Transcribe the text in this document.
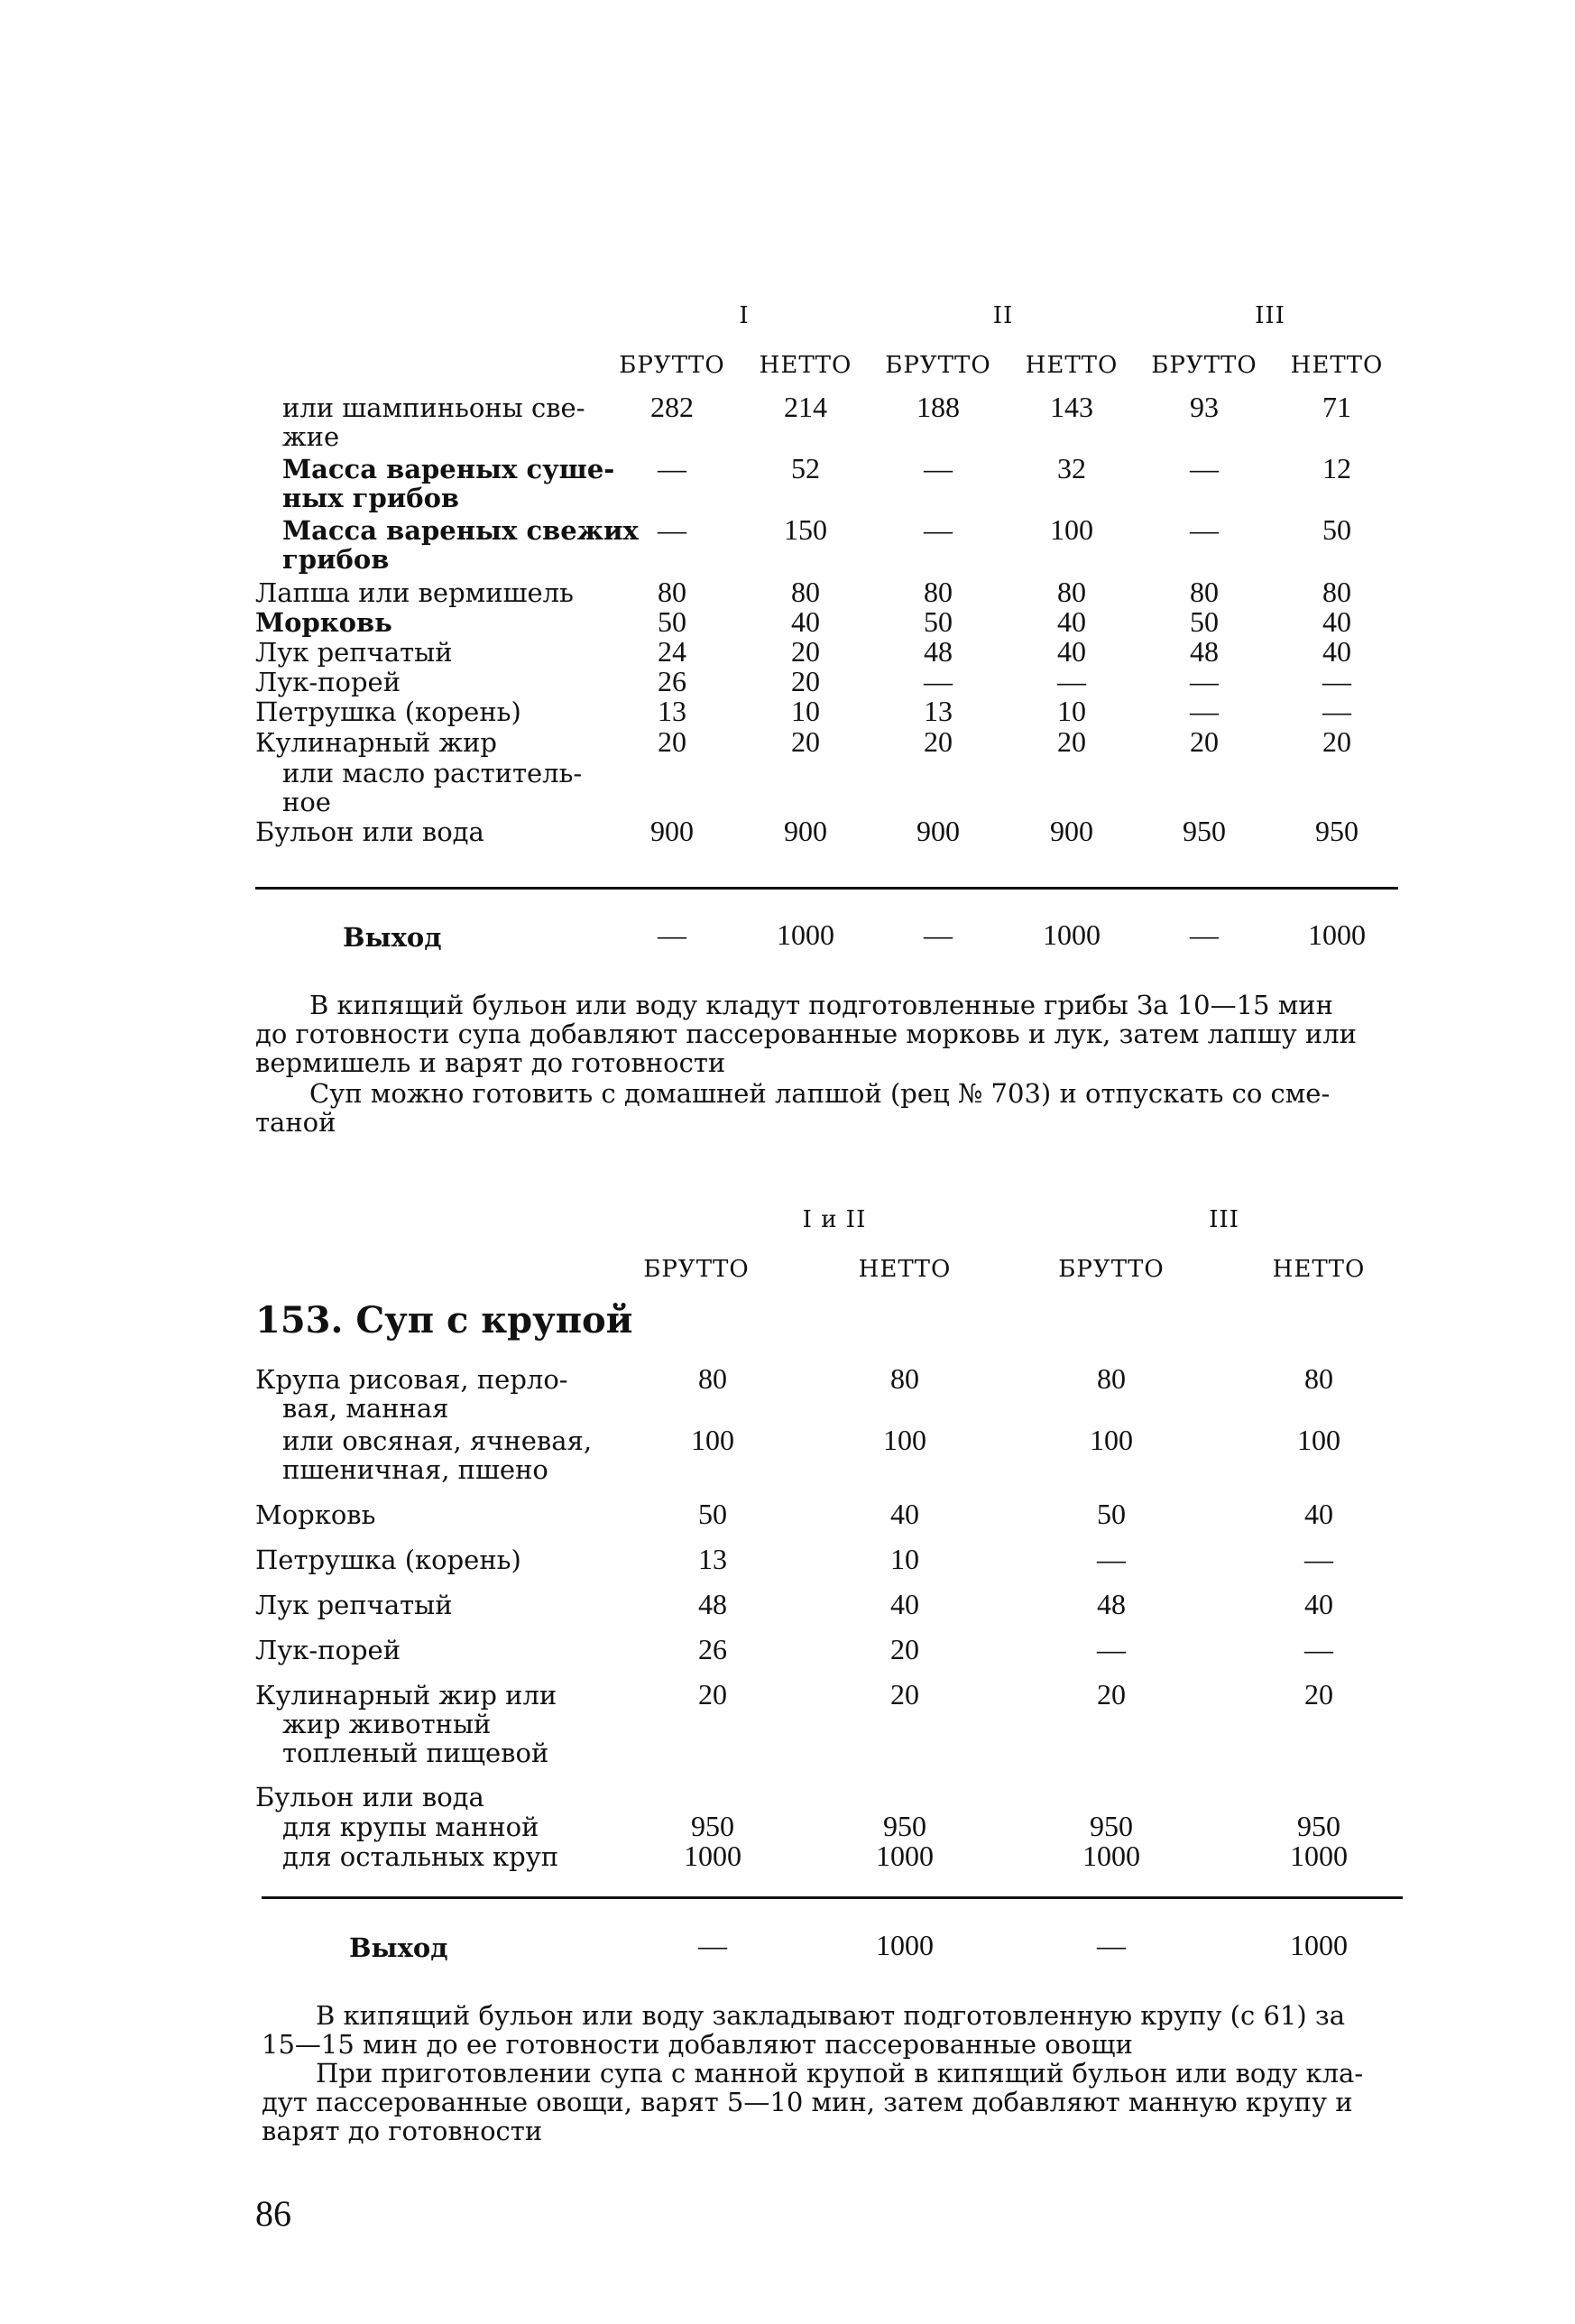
I	II	III
БРУТТО НЕТТО БРУТТО НЕТТО БРУТТО НЕТТО
или шампиньоны све-
жие
282	214	188	143	93	71
Масса вареных суше-
ных грибов
—	52	—	32	—	12
Масса вареных свежих
грибов
—	150	—	100	—	50
Лапша или вермишель	80	80	80	80	80	80
Морковь	50	40	50	40	50	40
Лук репчатый	24	20	48	40	48	40
Лук-порей	26	20	—	—	—	—
Петрушка (корень)	13	10	13	10	—	—
Кулинарный жир	20	20	20	20	20	20
или масло раститель-
ное
Бульон или вода	900	900	900	900	950	950
Выход	—	1000	—	1000	—	1000
В кипящий бульон или воду кладут подготовленные грибы За 10—15 мин
до готовности супа добавляют пассерованные морковь и лук, затем лапшу или
вермишель и варят до готовности
Суп можно готовить с домашней лапшой (рец № 703) и отпускать со сме-
таной
I и II	III
БРУТТО	НЕТТО	БРУТТО	НЕТТО
153. Суп с крупой
Крупа рисовая, перло-
вая, манная
80	80	80	80
или овсяная, ячневая,
пшеничная, пшено
100	100	100	100
Морковь	50	40	50	40
Петрушка (корень)	13	10	—	—
Лук репчатый	48	40	48	40
Лук-порей	26	20	—	—
Кулинарный жир или
жир животный
топленый пищевой
20	20	20	20
Бульон или вода
для крупы манной	950	950	950	950
для остальных круп	1000	1000	1000	1000
Выход	—	1000	—	1000
В кипящий бульон или воду закладывают подготовленную крупу (с 61) за
15—15 мин до ее готовности добавляют пассерованные овощи
При приготовлении супа с манной крупой в кипящий бульон или воду кла-
дут пассерованные овощи, варят 5—10 мин, затем добавляют манную крупу и
варят до готовности
86
